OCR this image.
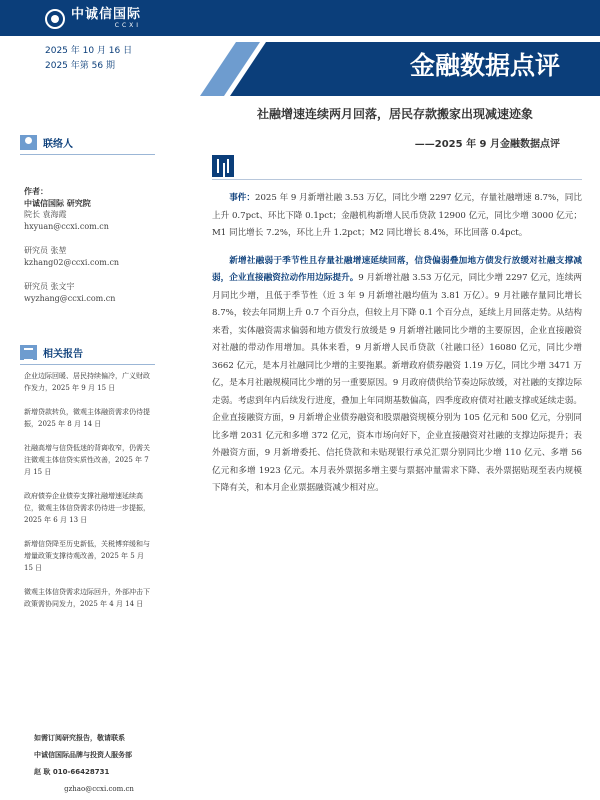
中诚信国际
CCXI
金融数据点评
2025 年 10 月 16 日
2025 年第 56 期
联络人
作者：
中诚信国际 研究院
院长 袁海霞
hxyuan@ccxi.com.cn
研究员 张堃
kzhang02@ccxi.com.cn
研究员 张文宇
wyzhang@ccxi.com.cn
相关报告
企业边际回暖、居民持续偏冷，广义财政作发力，2025 年 9 月 15 日
新增贷款转负，微观主体融资需求仍待提振，2025 年 8 月 14 日
社融高增与信贷低迷的背离收窄，仍需关注微观主体信贷实质性改善，2025 年 7 月 15 日
政府债券企业债券支撑社融增速延续高位，微观主体信贷需求仍待进一步提振，2025 年 6 月 13 日
新增信贷降至历史新低，关税博弈缓和与增量政策支撑待观改善，2025 年 5 月 15 日
微观主体信贷需求边际回升，外部冲击下政策需协同发力，2025 年 4 月 14 日
如需订阅研究报告，敬请联系
中诚信国际品牌与投资人服务部
赵 耿 010-66428731
gzhao@ccxi.com.cn
社融增速连续两月回落，居民存款搬家出现减速迹象
——2025 年 9 月金融数据点评

事件：2025 年 9 月新增社融 3.53 万亿，同比少增 2297 亿元，存量社融增速 8.7%，同比上升 0.7pct、环比下降 0.1pct；金融机构新增人民币贷款 12900 亿元，同比少增 3000 亿元；M1 同比增长 7.2%，环比上升 1.2pct；M2 同比增长 8.4%，环比回落 0.4pct。

新增社融弱于季节性且存量社融增速延续回落，信贷偏弱叠加地方债发行放缓对社融支撑减弱，企业直接融资拉动作用边际提升。9 月新增社融 3.53 万亿元，同比少增 2297 亿元，连续两月同比少增，且低于季节性（近 3 年 9 月新增社融均值为 3.81 万亿）。9 月社融存量同比增长 8.7%，较去年同期上升 0.7 个百分点，但较上月下降 0.1 个百分点，延续上月回落走势。从结构来看，实体融资需求偏弱和地方债发行放缓是 9 月新增社融同比少增的主要原因，企业直接融资对社融的带动作用增加。具体来看，9 月新增人民币贷款（社融口径）16080 亿元，同比少增 3662 亿元，是本月社融同比少增的主要拖累。新增政府债券融资 1.19 万亿，同比少增 3471 万亿，是本月社融规模同比少增的另一重要原因。9 月政府债供给节奏边际放缓，对社融的支撑边际走弱。考虑到年内后续发行进度，叠加上年同期基数偏高，四季度政府债对社融支撑或延续走弱。企业直接融资方面，9 月新增企业债券融资和股票融资规模分别为 105 亿元和 500 亿元，分别同比多增 2031 亿元和多增 372 亿元，资本市场向好下，企业直接融资对社融的支撑边际提升；表外融资方面，9 月新增委托、信托贷款和未贴现银行承兑汇票分别同比少增 110 亿元、多增 56 亿元和多增 1923 亿元。本月表外票据多增主要与票据冲量需求下降、表外票据贴现至表内规模下降有关，和本月企业票据融资减少相对应。
